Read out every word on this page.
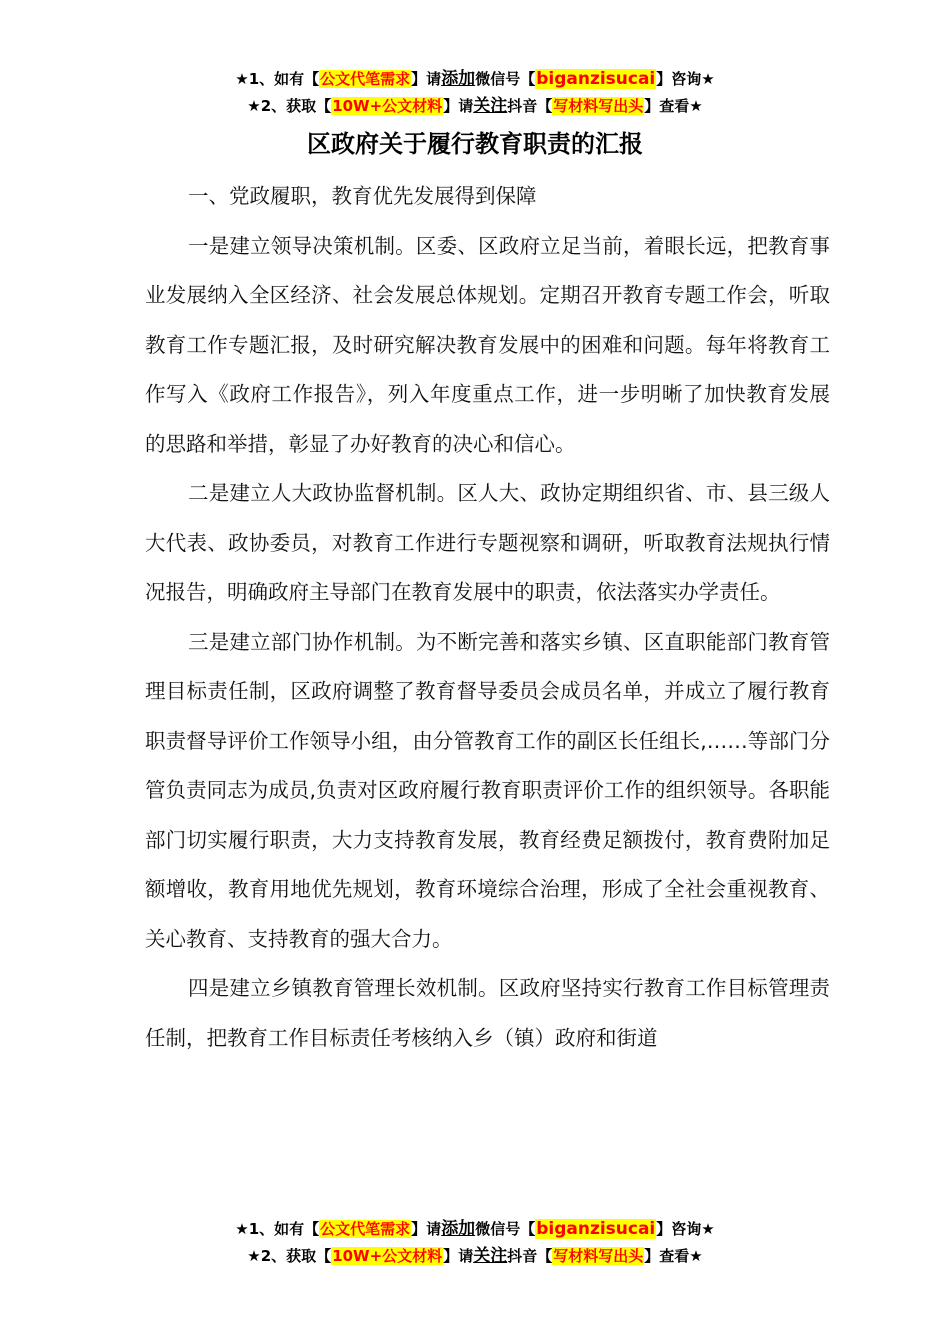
★1、如有【公文代笔需求】请添加微信号【biganzisucai】咨询★
★2、获取【10W+公文材料】请关注抖音【写材料写出头】查看★
区政府关于履行教育职责的汇报

一、党政履职，教育优先发展得到保障

一是建立领导决策机制。区委、区政府立足当前，着眼长远，把教育事业发展纳入全区经济、社会发展总体规划。定期召开教育专题工作会，听取教育工作专题汇报，及时研究解决教育发展中的困难和问题。每年将教育工作写入《政府工作报告》，列入年度重点工作，进一步明晰了加快教育发展的思路和举措，彰显了办好教育的决心和信心。

二是建立人大政协监督机制。区人大、政协定期组织省、市、县三级人大代表、政协委员，对教育工作进行专题视察和调研，听取教育法规执行情况报告，明确政府主导部门在教育发展中的职责，依法落实办学责任。

三是建立部门协作机制。为不断完善和落实乡镇、区直职能部门教育管理目标责任制，区政府调整了教育督导委员会成员名单，并成立了履行教育职责督导评价工作领导小组，由分管教育工作的副区长任组长,……等部门分管负责同志为成员,负责对区政府履行教育职责评价工作的组织领导。各职能部门切实履行职责，大力支持教育发展，教育经费足额拨付，教育费附加足额增收，教育用地优先规划，教育环境综合治理，形成了全社会重视教育、关心教育、支持教育的强大合力。

四是建立乡镇教育管理长效机制。区政府坚持实行教育工作目标管理责任制，把教育工作目标责任考核纳入乡（镇）政府和街道

★1、如有【公文代笔需求】请添加微信号【biganzisucai】咨询★
★2、获取【10W+公文材料】请关注抖音【写材料写出头】查看★
